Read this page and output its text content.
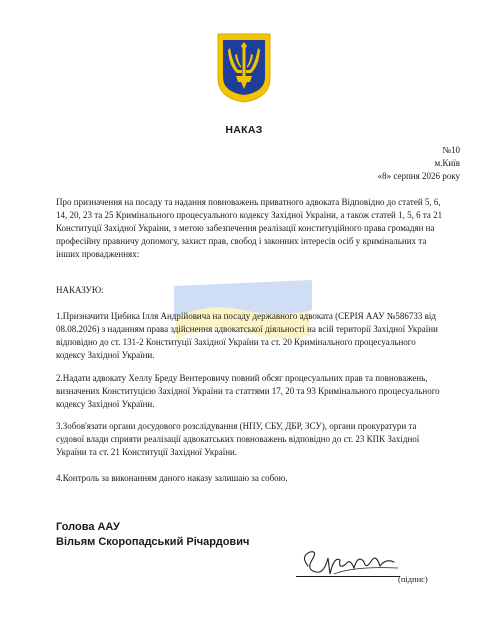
НАКАЗ
№10
м.Київ
«8» серпня 2026 року
Про призначення на посаду та надання повноважень приватного адвоката Відповідно до статей 5, 6, 14, 20, 23 та 25 Кримінального процесуального кодексу Західної України, а також статей 1, 5, 6 та 21 Конституції Західної Украіни, з метою забезпечення реалізації конституційного права громадян на професійну правничу допомогу, захист прав, свобод і законних інтересів осіб у кримінальних та інших провадженнях:
НАКАЗУЮ:
1.Призначити Цибика Ілля Андрійовича на посаду державного адвоката (СЕРІЯ ААУ №586733 від 08.08.2026) з наданням права здійснення адвокатської діяльності на всій території Західної України відповідно до ст. 131-2 Конституції Західної України та ст. 20 Кримінального процесуального кодексу Західної України.
2.Надати адвокату Хеллу Бреду Вентеровичу повний обсяг процесуальних прав та повноважень, визначених Конституцією Західної України та статтями 17, 20 та 93 Кримінального процесуального кодексу Західної України.
3.Зобов'язати органи досудового розслідування (НПУ, СБУ, ДБР, ЗСУ), органи прокуратури та судової влади сприяти реалізації адвокатських повноважень відповідно до ст. 23 КПК Західної України та ст. 21 Конституції Західної України.
4.Контроль за виконанням даного наказу залишаю за собою.
Голова ААУ
Вільям Скоропадський Річардович
(підпис)
